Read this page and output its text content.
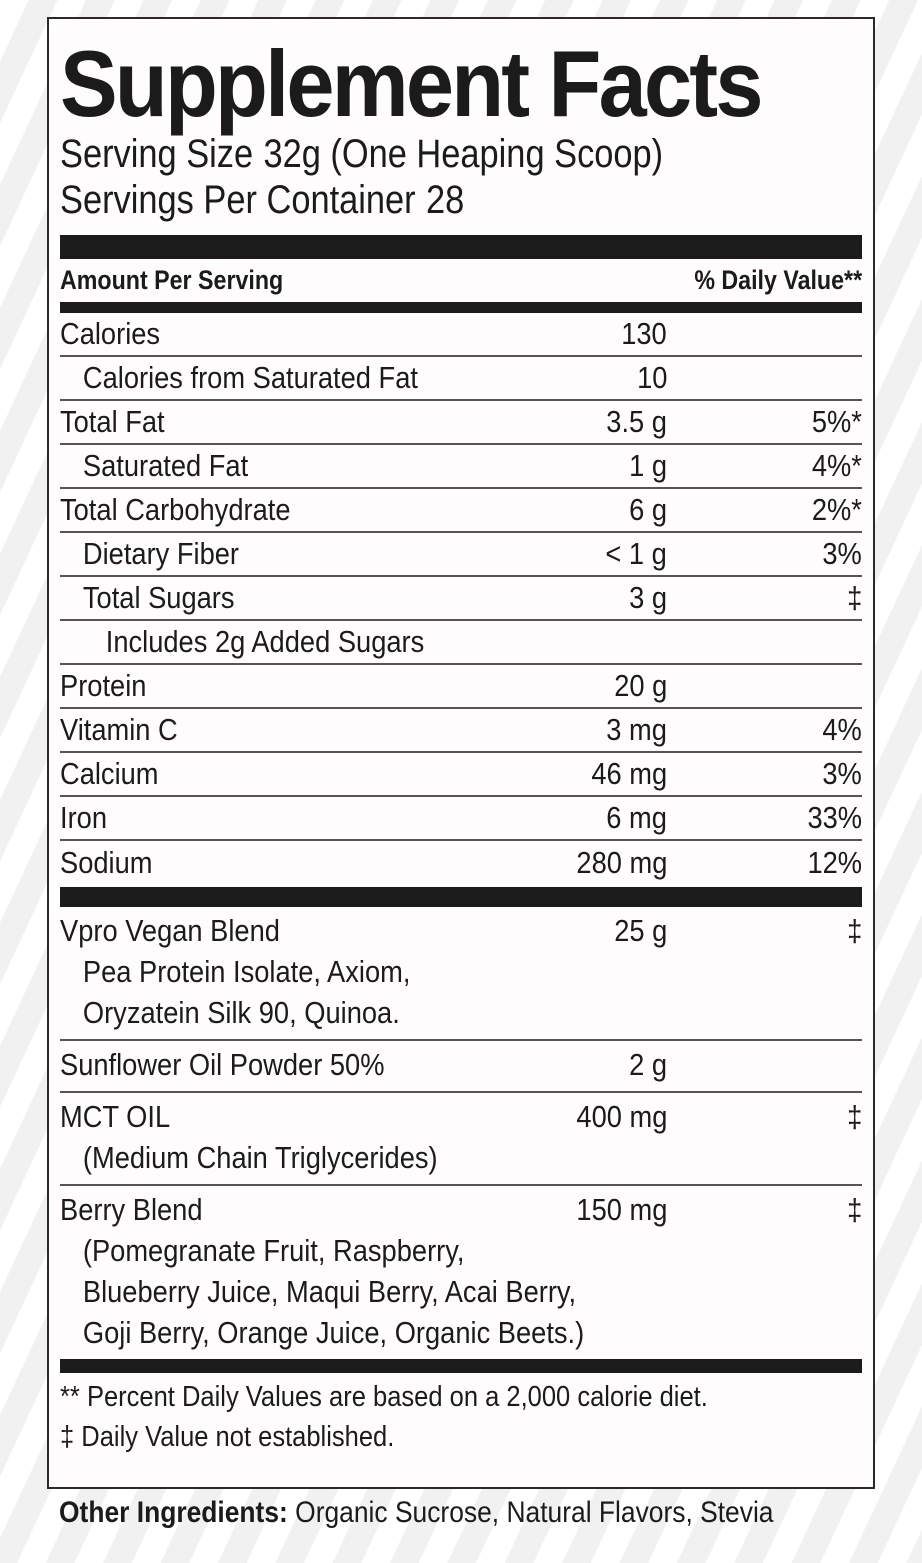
Supplement Facts
Serving Size 32g (One Heaping Scoop)
Servings Per Container 28
Amount Per Serving	% Daily Value**
Calories	130
Calories from Saturated Fat	10
Total Fat	3.5 g	5%*
Saturated Fat	1 g	4%*
Total Carbohydrate	6 g	2%*
Dietary Fiber	< 1 g	3%
Total Sugars	3 g	‡
Includes 2g Added Sugars
Protein	20 g
Vitamin C	3 mg	4%
Calcium	46 mg	3%
Iron	6 mg	33%
Sodium	280 mg	12%
Vpro Vegan Blend	25 g	‡
Pea Protein Isolate, Axiom,
Oryzatein Silk 90, Quinoa.
Sunflower Oil Powder 50%	2 g
MCT OIL	400 mg	‡
(Medium Chain Triglycerides)
Berry Blend	150 mg	‡
(Pomegranate Fruit, Raspberry,
Blueberry Juice, Maqui Berry, Acai Berry,
Goji Berry, Orange Juice, Organic Beets.)
** Percent Daily Values are based on a 2,000 calorie diet.
‡ Daily Value not established.
Other Ingredients: Organic Sucrose, Natural Flavors, Stevia
